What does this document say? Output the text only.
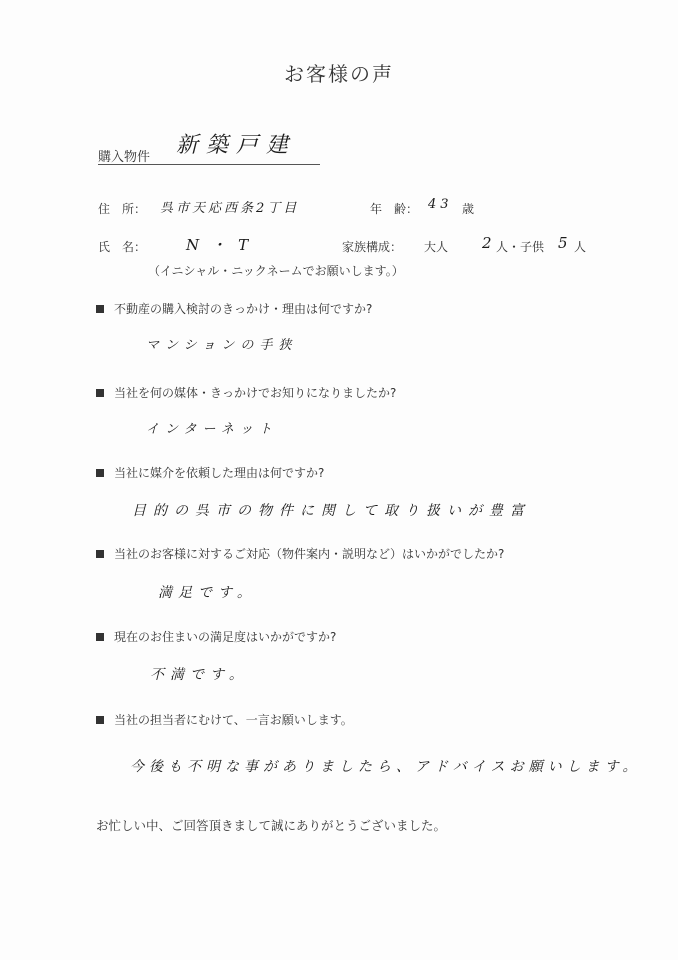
お客様の声
購入物件 新築戸建
住　所： 呉市天応西条2丁目	年　齢： 43 歳
氏　名：	N・T
（イニシャル・ニックネームでお願いします。）
家族構成： 大人 2
人・子供 5 人
不動産の購入検討のきっかけ・理由は何ですか?
マンションの手狭
当社を何の媒体・きっかけでお知りになりましたか?
インターネット
当社に媒介を依頼した理由は何ですか?
目的の呉市の物件に関して取り扱いが豊富
当社のお客様に対するご対応（物件案内・説明など）はいかがでしたか?
満足です。
現在のお住まいの満足度はいかがですか?
不満です。
当社の担当者にむけて、一言お願いします。
今後も不明な事がありましたら、アドバイスお願いします。
お忙しい中、ご回答頂きまして誠にありがとうございました。
